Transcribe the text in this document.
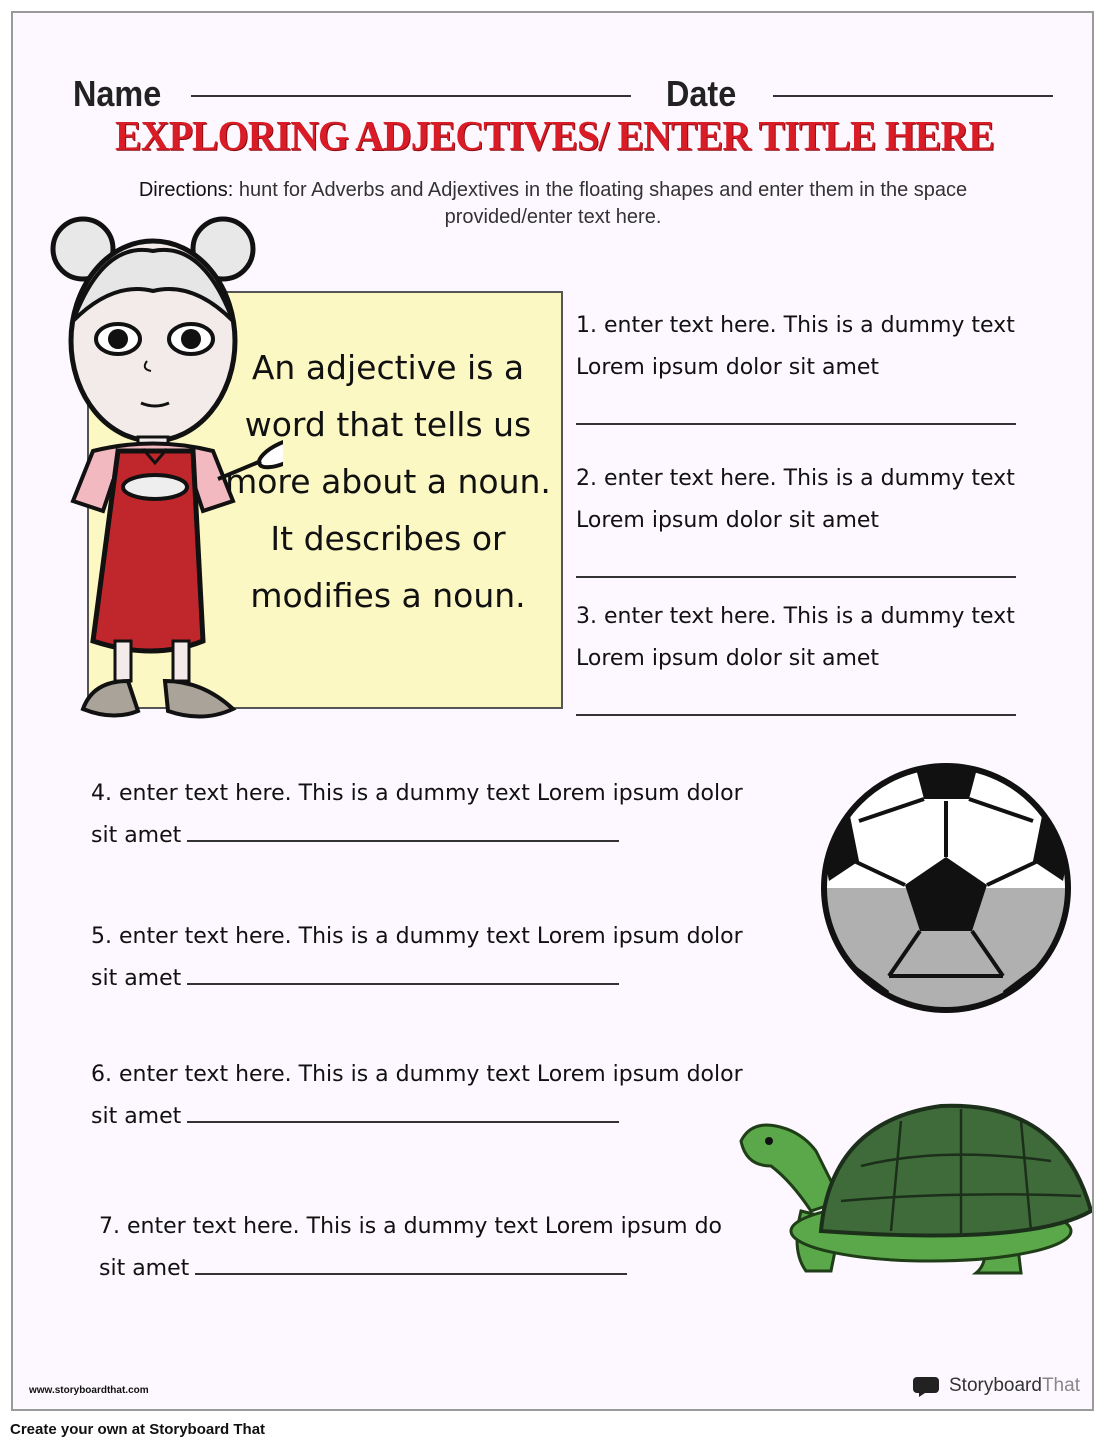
Name	Date
EXPLORING ADJECTIVES/ ENTER TITLE HERE
Directions: hunt for Adverbs and Adjextives in the floating shapes and enter them in the space provided/enter text here.
An adjective is a word that tells us more about a noun. It describes or modifies a noun.
1. enter text here. This is a dummy text Lorem ipsum dolor sit amet
2. enter text here. This is a dummy text Lorem ipsum dolor sit amet
3. enter text here. This is a dummy text Lorem ipsum dolor sit amet
4. enter text here. This is a dummy text Lorem ipsum dolor
sit amet
5. enter text here. This is a dummy text Lorem ipsum dolor
sit amet
6. enter text here. This is a dummy text Lorem ipsum dolor
sit amet
7. enter text here. This is a dummy text Lorem ipsum do
sit amet
www.storyboardthat.com	StoryboardThat
Create your own at Storyboard That
